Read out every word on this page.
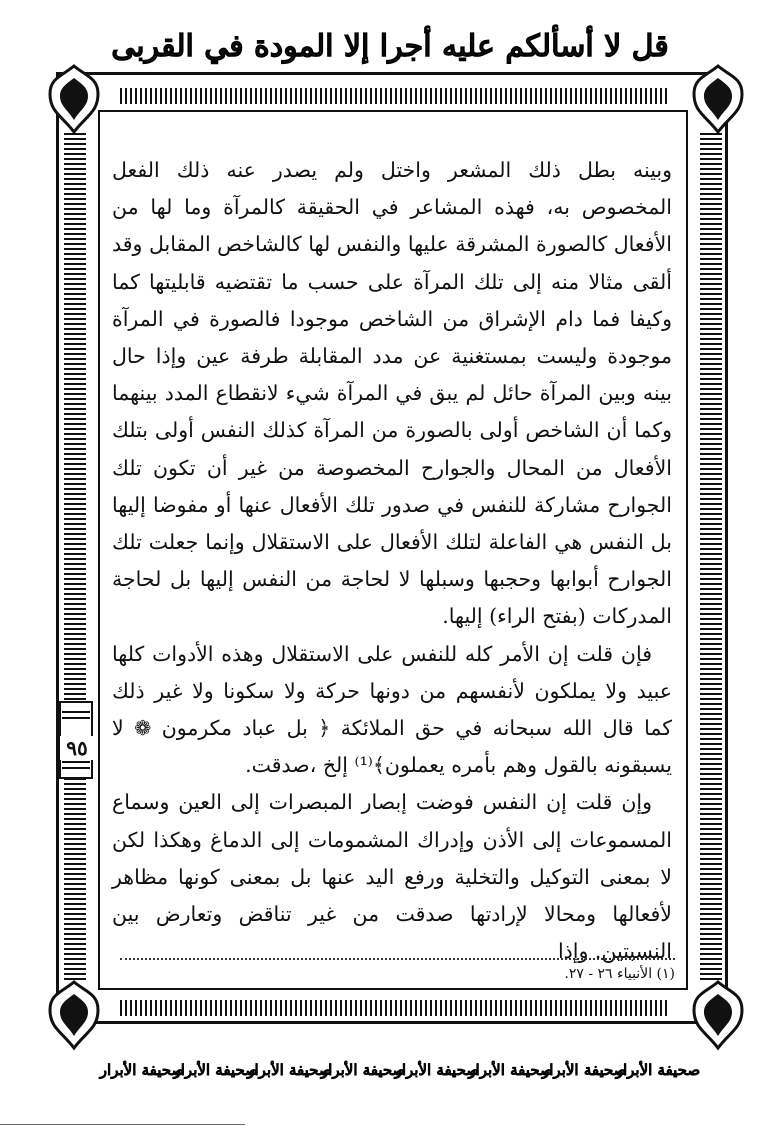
قل لا أسألكم عليه أجرا إلا المودة في القربى
٩٥

وبينه بطل ذلك المشعر واختل ولم يصدر عنه ذلك الفعل المخصوص به، فهذه المشاعر في الحقيقة كالمرآة وما لها من الأفعال كالصورة المشرقة عليها والنفس لها كالشاخص المقابل وقد ألقى مثالا منه إلى تلك المرآة على حسب ما تقتضيه قابليتها كما وكيفا فما دام الإشراق من الشاخص موجودا فالصورة في المرآة موجودة وليست بمستغنية عن مدد المقابلة طرفة عين وإذا حال بينه وبين المرآة حائل لم يبق في المرآة شيء لانقطاع المدد بينهما وكما أن الشاخص أولى بالصورة من المرآة كذلك النفس أولى بتلك الأفعال من المحال والجوارح المخصوصة من غير أن تكون تلك الجوارح مشاركة للنفس في صدور تلك الأفعال عنها أو مفوضا إليها بل النفس هي الفاعلة لتلك الأفعال على الاستقلال وإنما جعلت تلك الجوارح أبوابها وحجبها وسبلها لا لحاجة من النفس إليها بل لحاجة المدركات (بفتح الراء) إليها.

فإن قلت إن الأمر كله للنفس على الاستقلال وهذه الأدوات كلها عبيد ولا يملكون لأنفسهم من دونها حركة ولا سكونا ولا غير ذلك كما قال الله سبحانه في حق الملائكة ﴿ بل عباد مكرمون ❁ لا يسبقونه بالقول وهم بأمره يعملون﴾⁽¹⁾ إلخ ،صدقت.

وإن قلت إن النفس فوضت إبصار المبصرات إلى العين وسماع المسموعات إلى الأذن وإدراك المشمومات إلى الدماغ وهكذا لكن لا بمعنى التوكيل والتخلية ورفع اليد عنها بل بمعنى كونها مظاهر لأفعالها ومحالا لإرادتها صدقت من غير تناقض وتعارض بين النسبتين. وإذا

(١) الأنبياء ٢٦ - ٢٧.
صحيفة الأبرار
صحيفة الأبرار
صحيفة الأبرار
صحيفة الأبرار
صحيفة الأبرار
صحيفة الأبرار
صحيفة الأبرار
صحيفة الأبرار
